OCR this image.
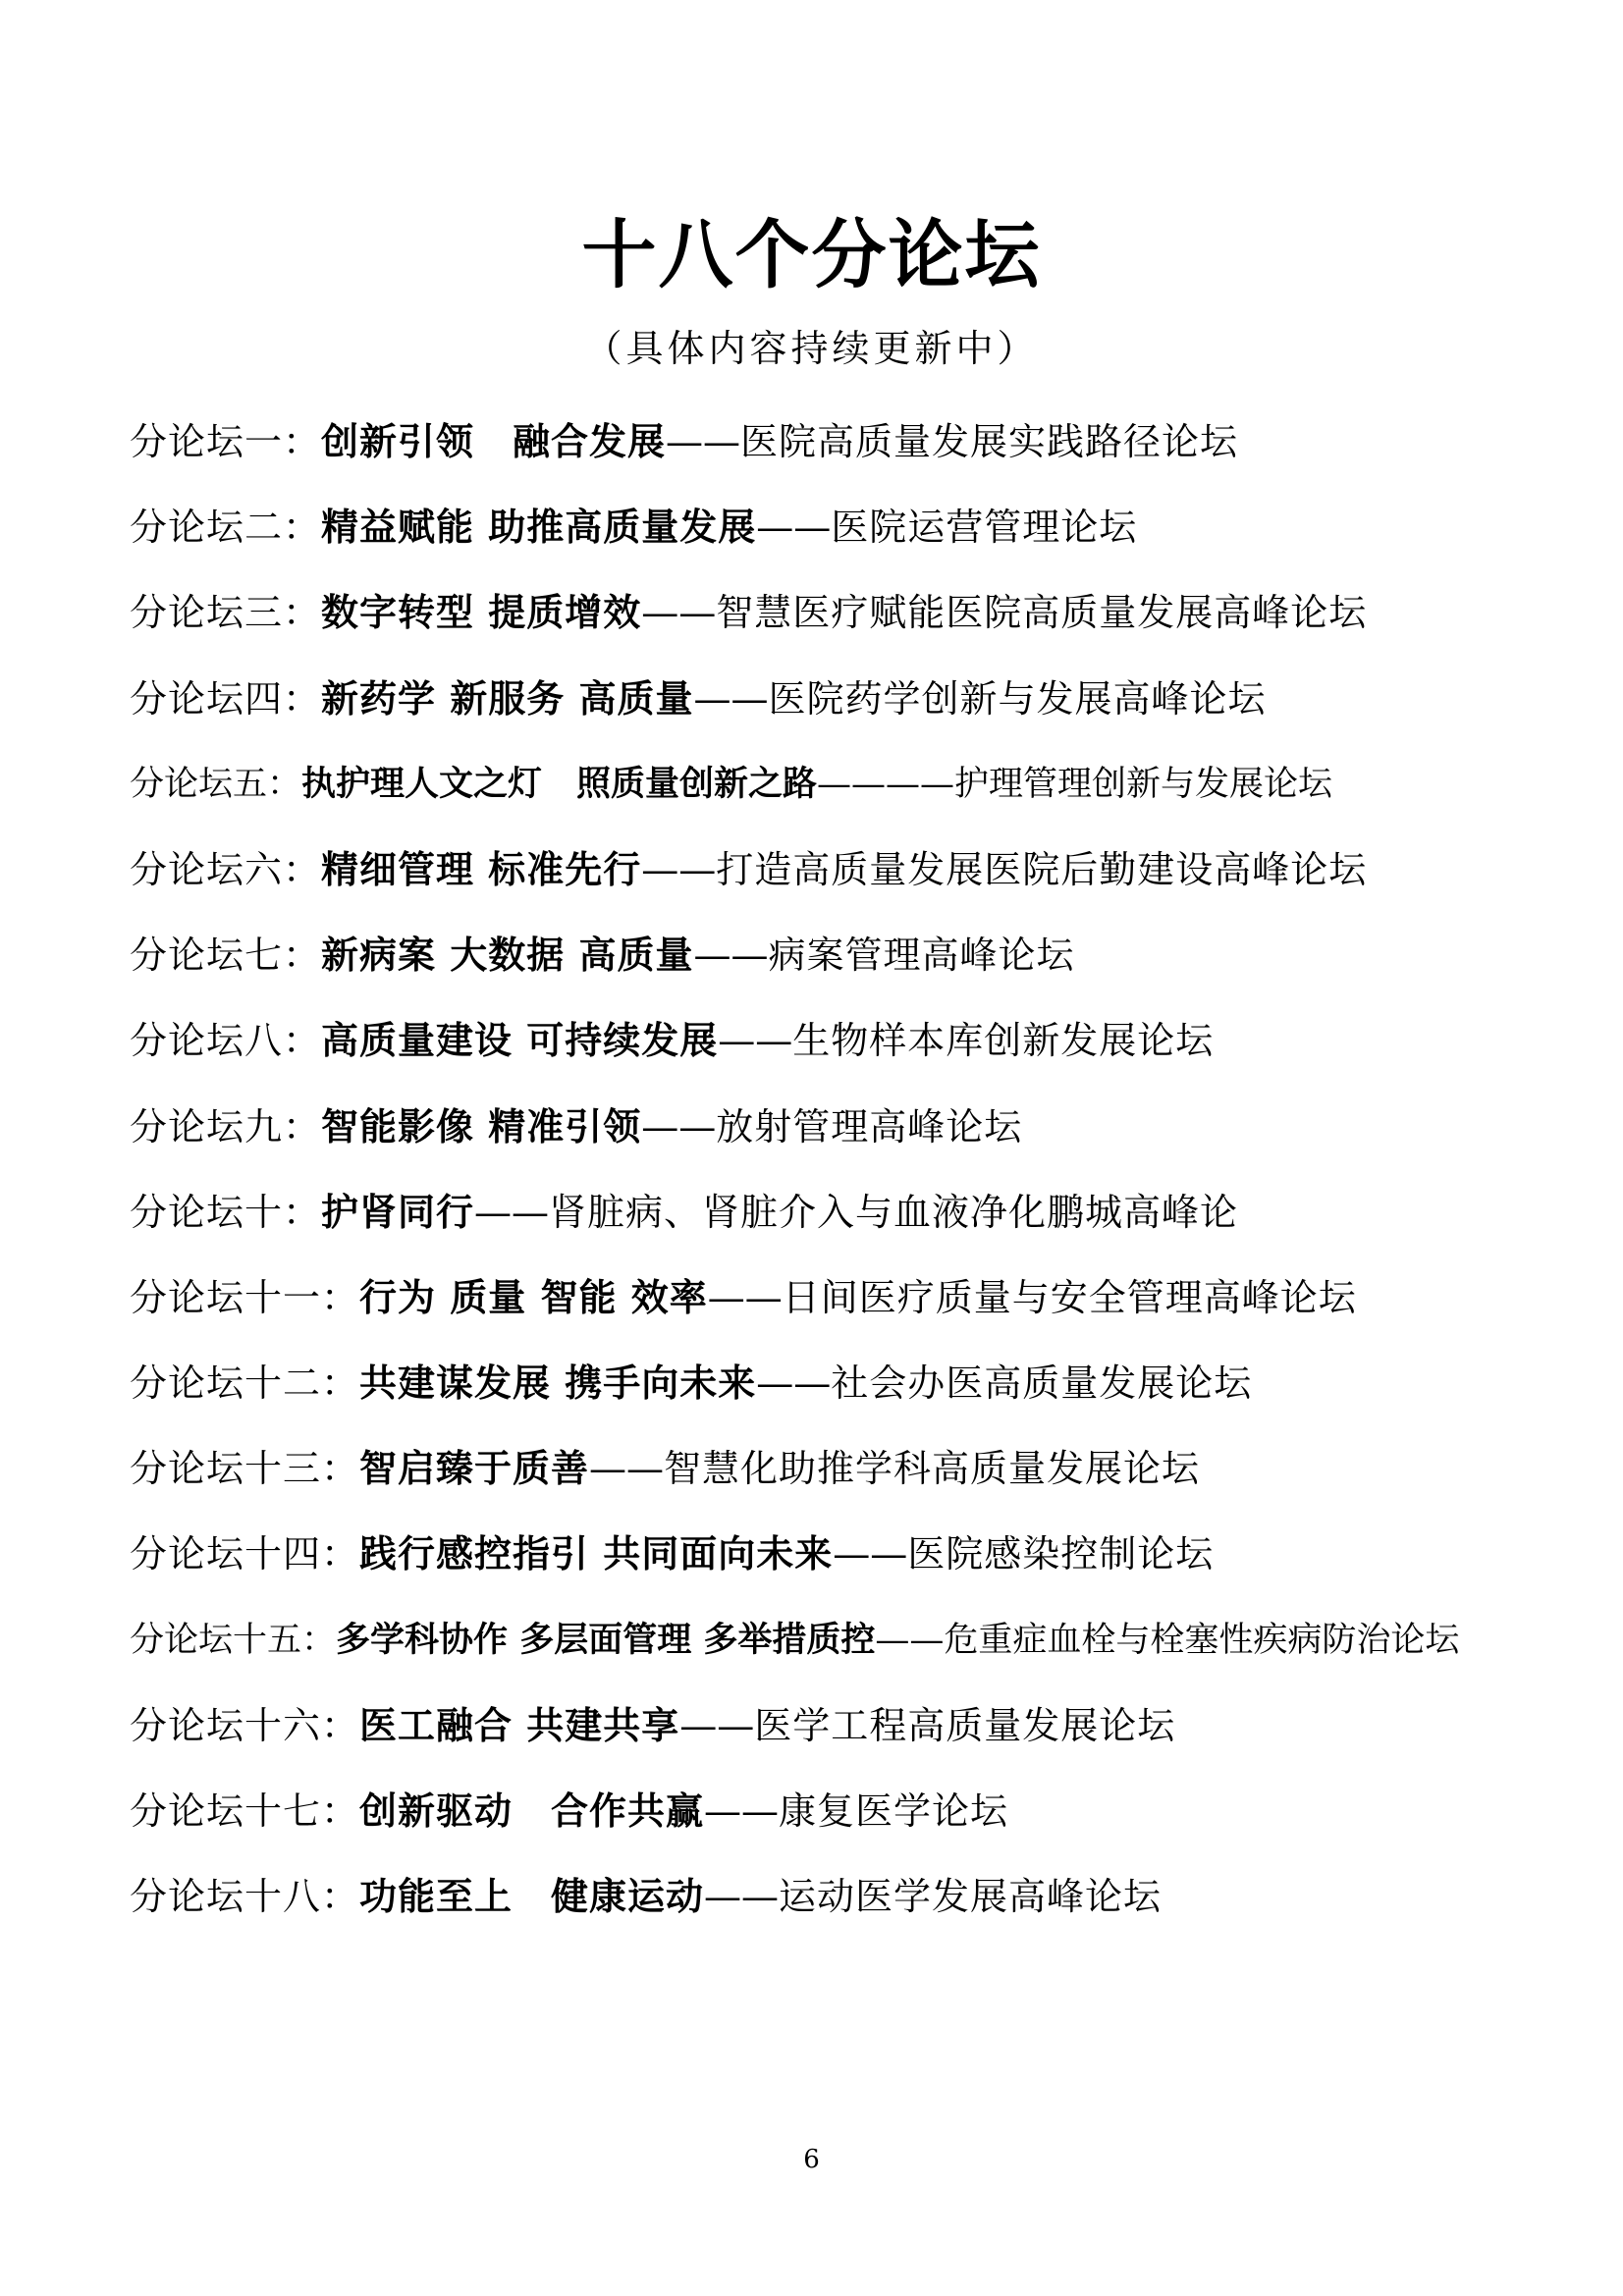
十八个分论坛
（具体内容持续更新中）
分论坛一：创新引领　融合发展——医院高质量发展实践路径论坛
分论坛二：精益赋能 助推高质量发展——医院运营管理论坛
分论坛三：数字转型 提质增效——智慧医疗赋能医院高质量发展高峰论坛
分论坛四：新药学 新服务 高质量——医院药学创新与发展高峰论坛
分论坛五：执护理人文之灯　照质量创新之路————护理管理创新与发展论坛
分论坛六：精细管理 标准先行——打造高质量发展医院后勤建设高峰论坛
分论坛七：新病案 大数据 高质量——病案管理高峰论坛
分论坛八：高质量建设 可持续发展——生物样本库创新发展论坛
分论坛九：智能影像 精准引领——放射管理高峰论坛
分论坛十：护肾同行——肾脏病、肾脏介入与血液净化鹏城高峰论
分论坛十一：行为 质量 智能 效率——日间医疗质量与安全管理高峰论坛
分论坛十二：共建谋发展 携手向未来——社会办医高质量发展论坛
分论坛十三：智启臻于质善——智慧化助推学科高质量发展论坛
分论坛十四：践行感控指引 共同面向未来——医院感染控制论坛
分论坛十五：多学科协作 多层面管理 多举措质控——危重症血栓与栓塞性疾病防治论坛
分论坛十六：医工融合 共建共享——医学工程高质量发展论坛
分论坛十七：创新驱动　合作共赢——康复医学论坛
分论坛十八：功能至上　健康运动——运动医学发展高峰论坛
6
